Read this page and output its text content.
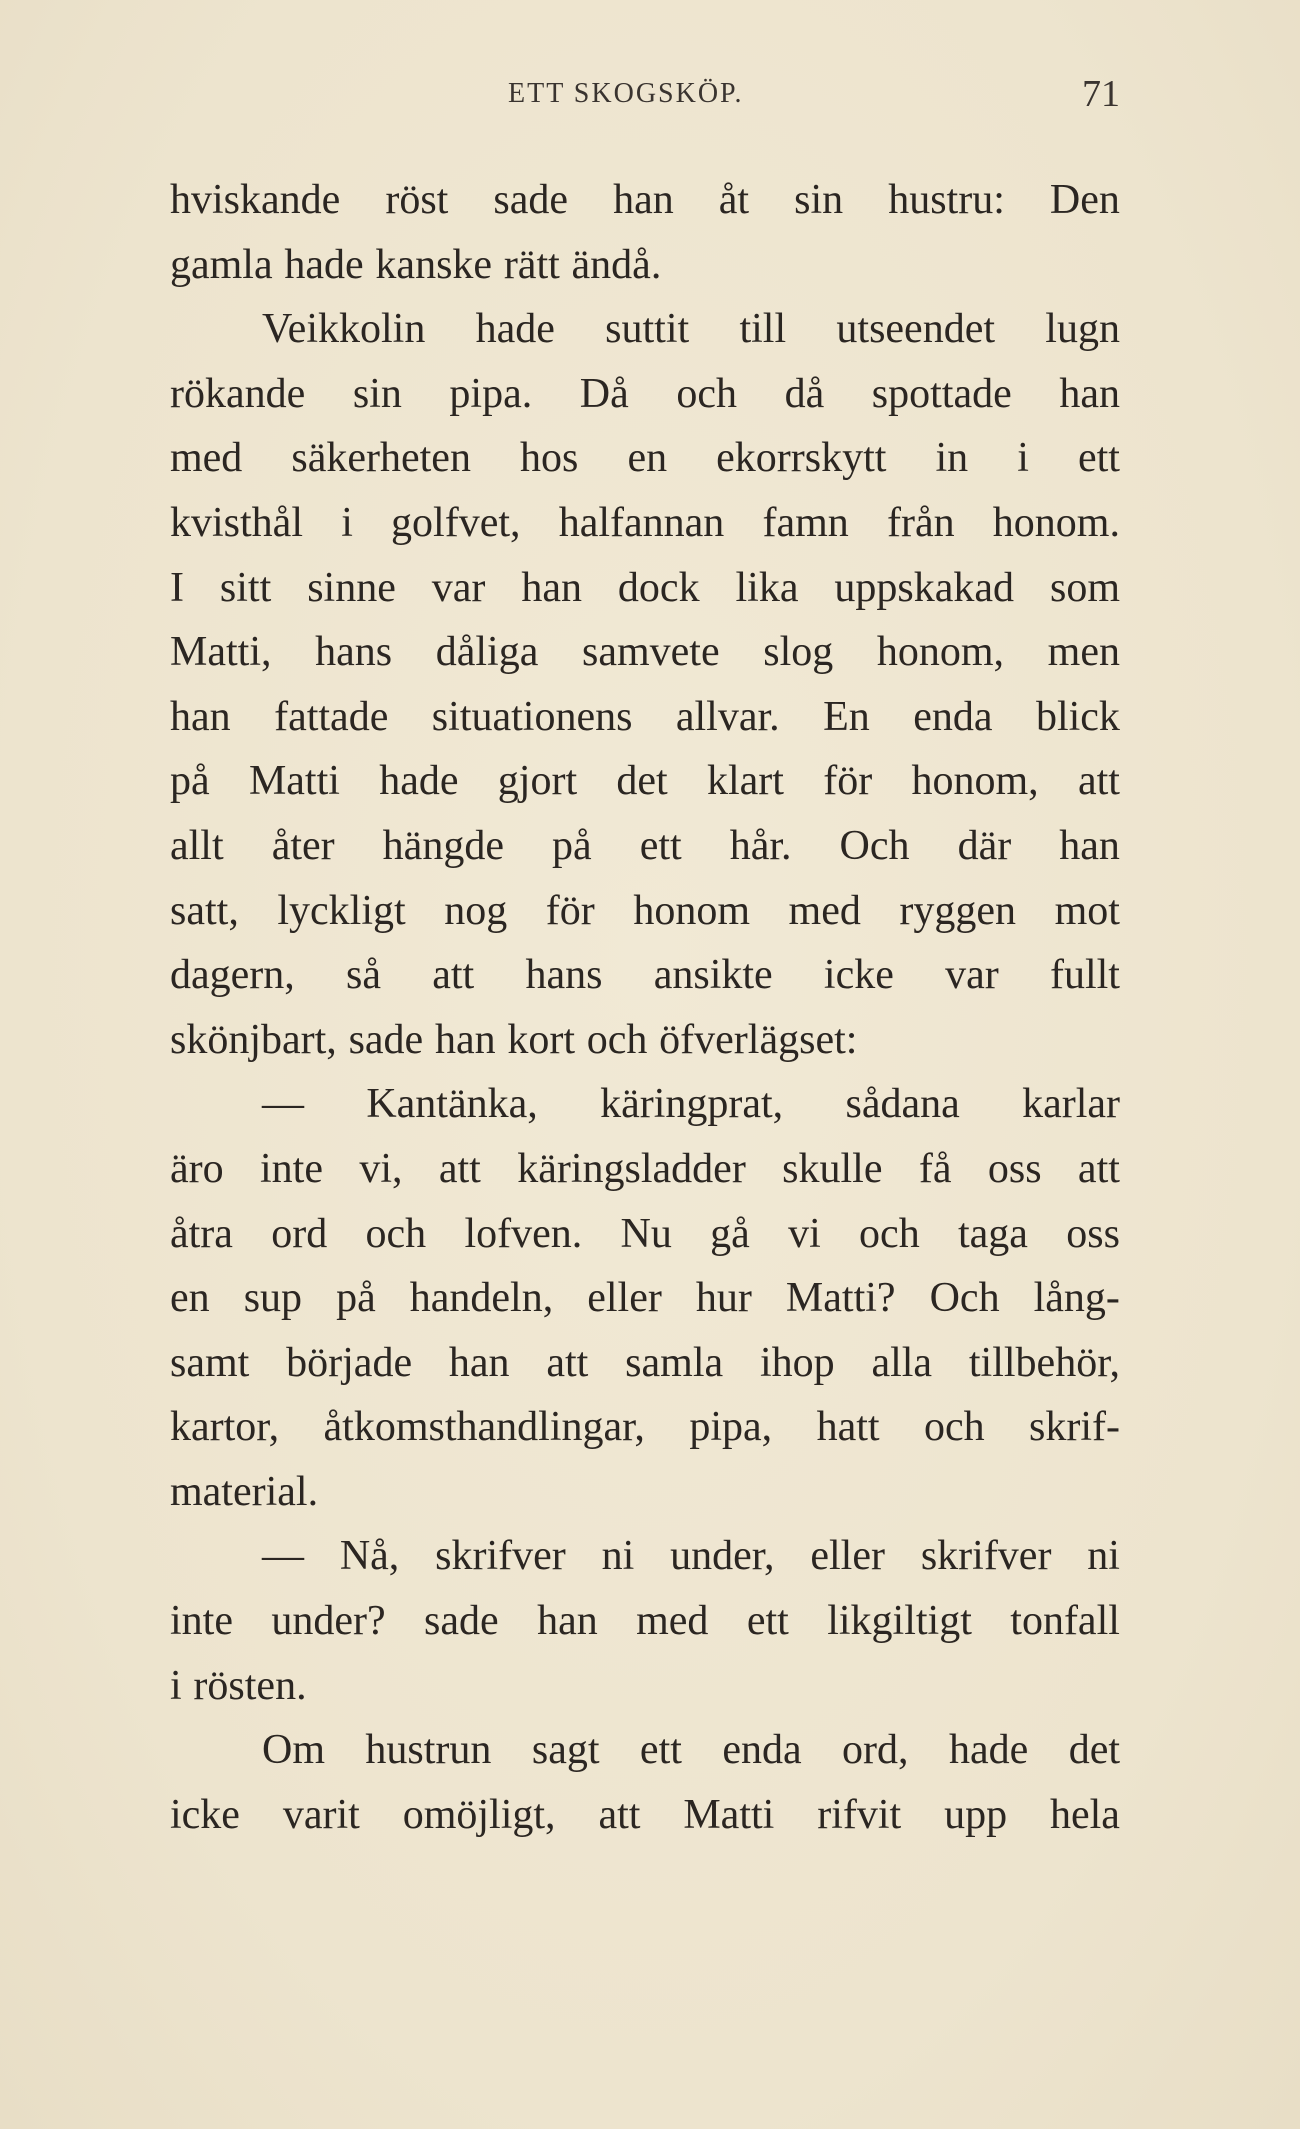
ETT SKOGSKÖP.	71
hviskande röst sade han åt sin hustru: Den
gamla hade kanske rätt ändå.
Veikkolin hade suttit till utseendet lugn
rökande sin pipa. Då och då spottade han
med säkerheten hos en ekorrskytt in i ett
kvisthål i golfvet, halfannan famn från honom.
I sitt sinne var han dock lika uppskakad som
Matti, hans dåliga samvete slog honom, men
han fattade situationens allvar. En enda blick
på Matti hade gjort det klart för honom, att
allt åter hängde på ett hår. Och där han
satt, lyckligt nog för honom med ryggen mot
dagern, så att hans ansikte icke var fullt
skönjbart, sade han kort och öfverlägset:
— Kantänka, käringprat, sådana karlar
äro inte vi, att käringsladder skulle få oss att
åtra ord och lofven. Nu gå vi och taga oss
en sup på handeln, eller hur Matti? Och lång-
samt började han att samla ihop alla tillbehör,
kartor, åtkomsthandlingar, pipa, hatt och skrif-
material.
— Nå, skrifver ni under, eller skrifver ni
inte under? sade han med ett likgiltigt tonfall
i rösten.
Om hustrun sagt ett enda ord, hade det
icke varit omöjligt, att Matti rifvit upp hela
